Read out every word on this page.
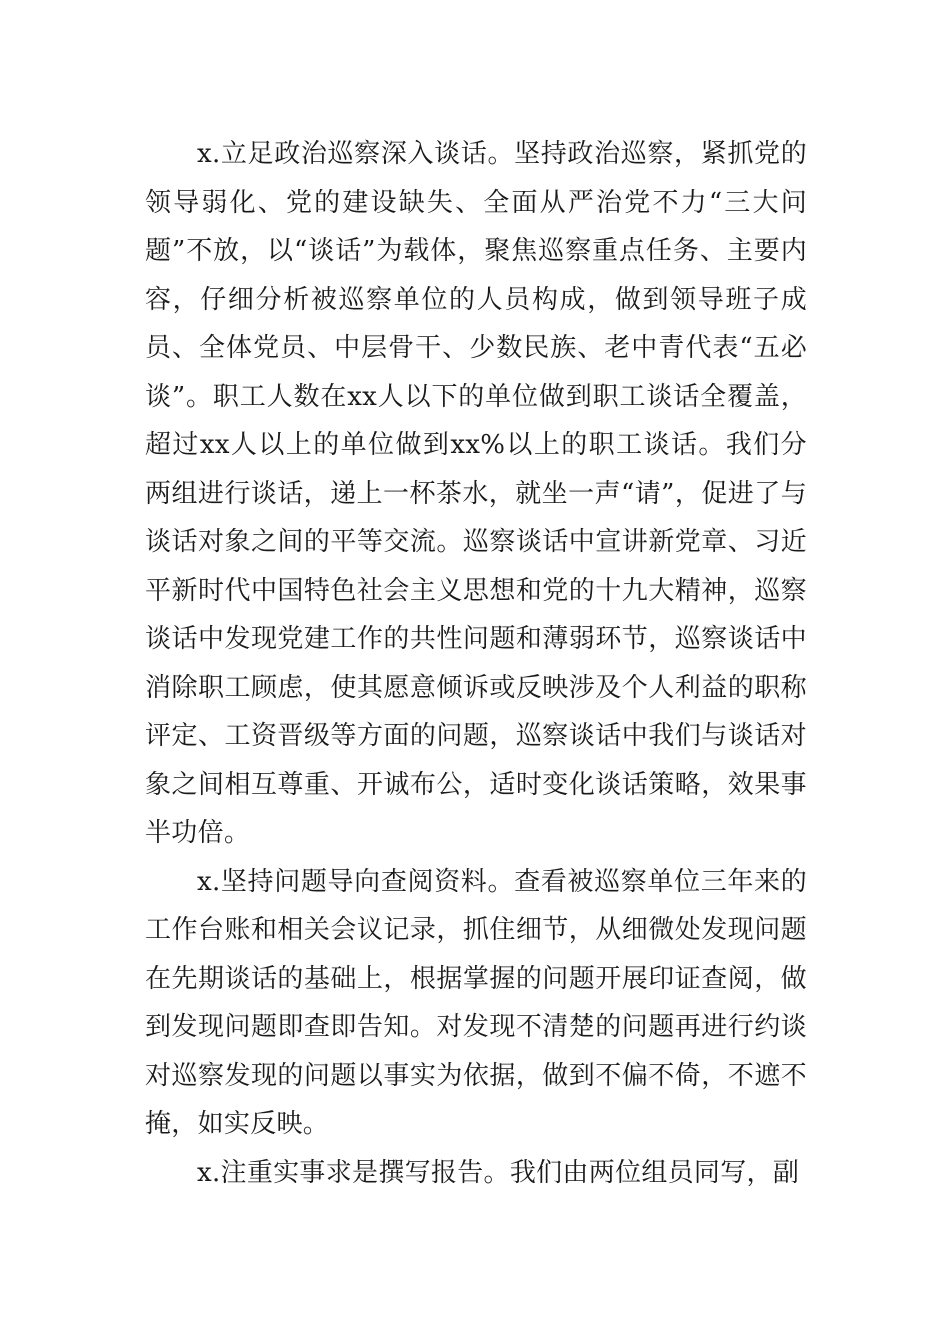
x.立足政治巡察深入谈话。坚持政治巡察，紧抓党的领导弱化、党的建设缺失、全面从严治党不力“三大问题”不放，以“谈话”为载体，聚焦巡察重点任务、主要内容，仔细分析被巡察单位的人员构成，做到领导班子成员、全体党员、中层骨干、少数民族、老中青代表“五必谈”。职工人数在xx人以下的单位做到职工谈话全覆盖，超过xx人以上的单位做到xx%以上的职工谈话。我们分两组进行谈话，递上一杯茶水，就坐一声“请”，促进了与谈话对象之间的平等交流。巡察谈话中宣讲新党章、习近平新时代中国特色社会主义思想和党的十九大精神，巡察谈话中发现党建工作的共性问题和薄弱环节，巡察谈话中消除职工顾虑，使其愿意倾诉或反映涉及个人利益的职称评定、工资晋级等方面的问题，巡察谈话中我们与谈话对象之间相互尊重、开诚布公，适时变化谈话策略，效果事半功倍。

x.坚持问题导向查阅资料。查看被巡察单位三年来的工作台账和相关会议记录，抓住细节，从细微处发现问题在先期谈话的基础上，根据掌握的问题开展印证查阅，做到发现问题即查即告知。对发现不清楚的问题再进行约谈对巡察发现的问题以事实为依据，做到不偏不倚，不遮不掩，如实反映。

x.注重实事求是撰写报告。我们由两位组员同写，副
